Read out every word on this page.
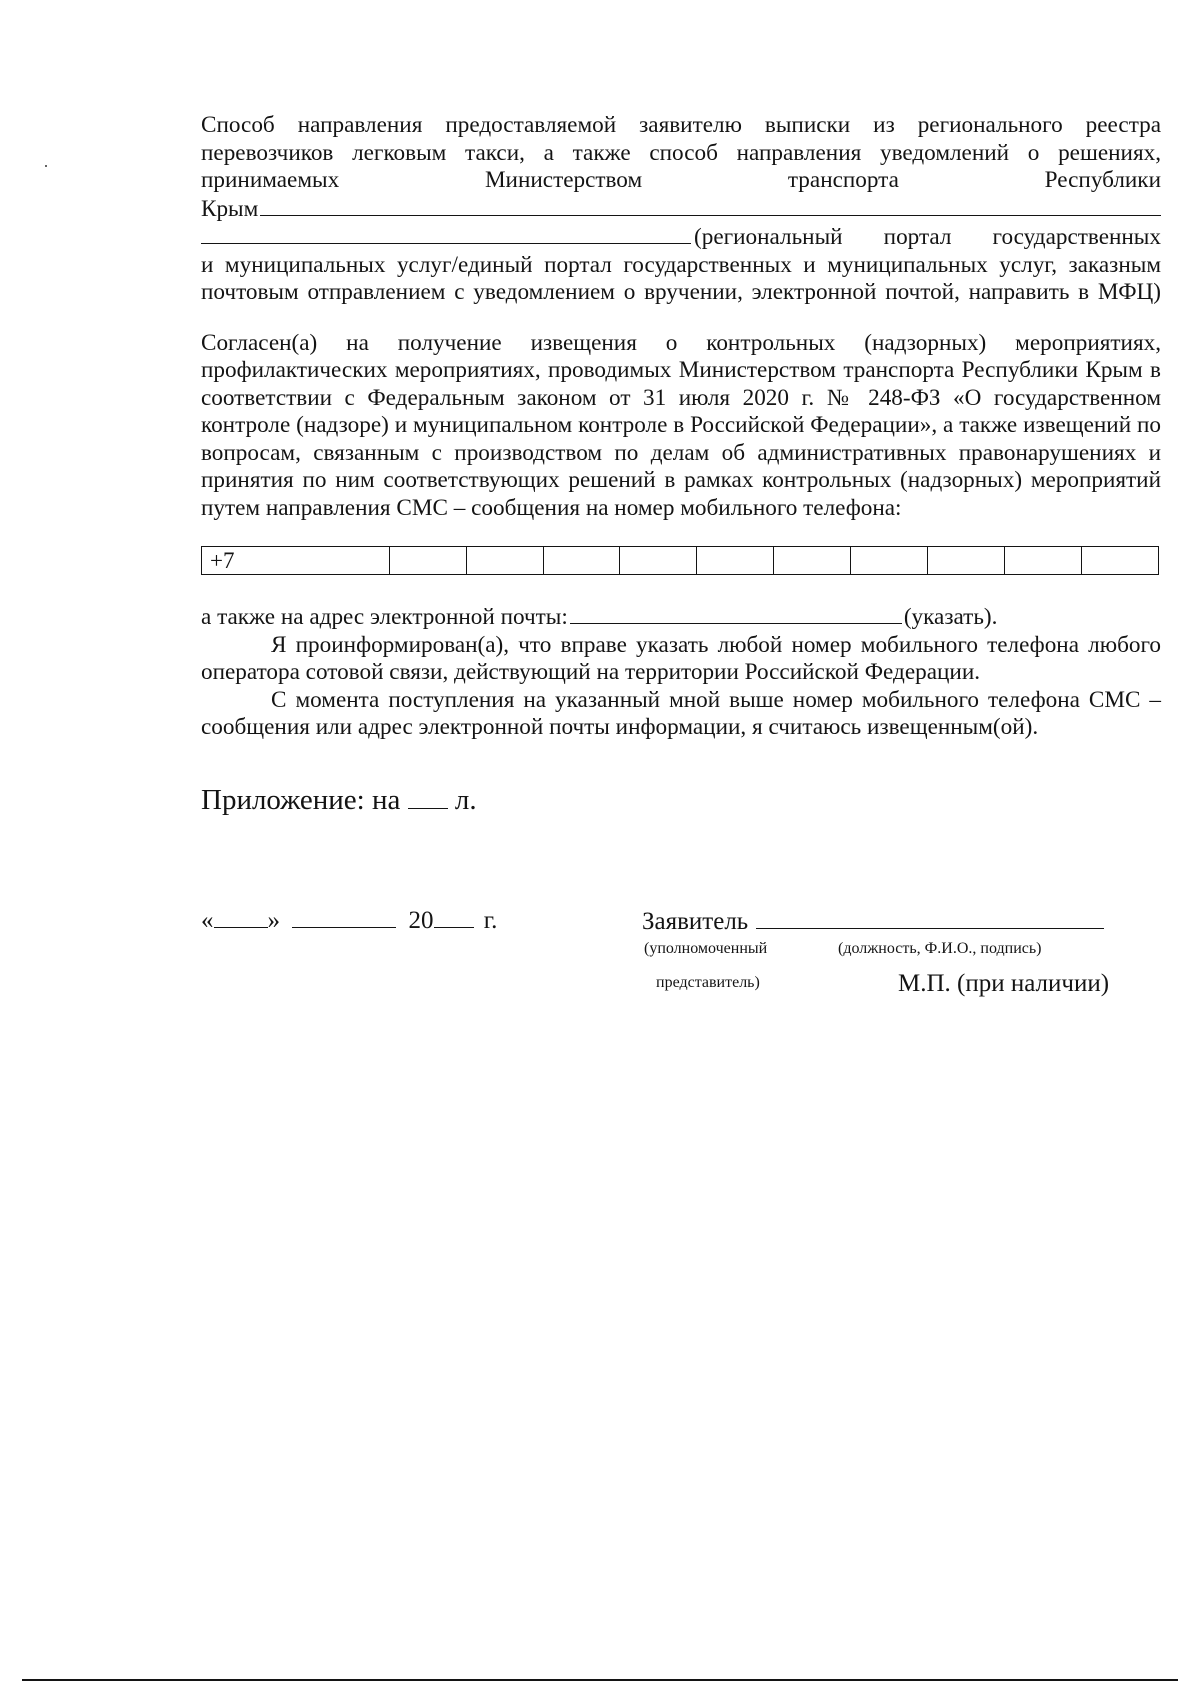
Способ направления предоставляемой заявителю выписки из регионального реестра
перевозчиков легковым такси, а также способ направления уведомлений о решениях,
принимаемых	Министерством	транспорта	Республики
Крым
(региональный портал государственных
и муниципальных услуг/единый портал государственных и муниципальных услуг, заказным
почтовым отправлением с уведомлением о вручении, электронной почтой, направить в МФЦ)
Согласен(а) на получение извещения о контрольных (надзорных) мероприятиях, профилактических мероприятиях, проводимых Министерством транспорта Республики Крым в соответствии с Федеральным законом от 31 июля 2020 г. № 248-ФЗ «О государственном контроле (надзоре) и муниципальном контроле в Российской Федерации», а также извещений по вопросам, связанным с производством по делам об административных правонарушениях и принятия по ним соответствующих решений в рамках контрольных (надзорных) мероприятий путем направления СМС – сообщения на номер мобильного телефона:
+7										
а также на адрес электронной почты:	(указать).
Я проинформирован(а), что вправе указать любой номер мобильного телефона любого оператора сотовой связи, действующий на территории Российской Федерации.
С момента поступления на указанный мной выше номер мобильного телефона СМС – сообщения или адрес электронной почты информации, я считаюсь извещенным(ой).
Приложение: на л.
« »	20 г.	Заявитель
(уполномоченный	(должность, Ф.И.О., подпись)
представитель)	М.П. (при наличии)
